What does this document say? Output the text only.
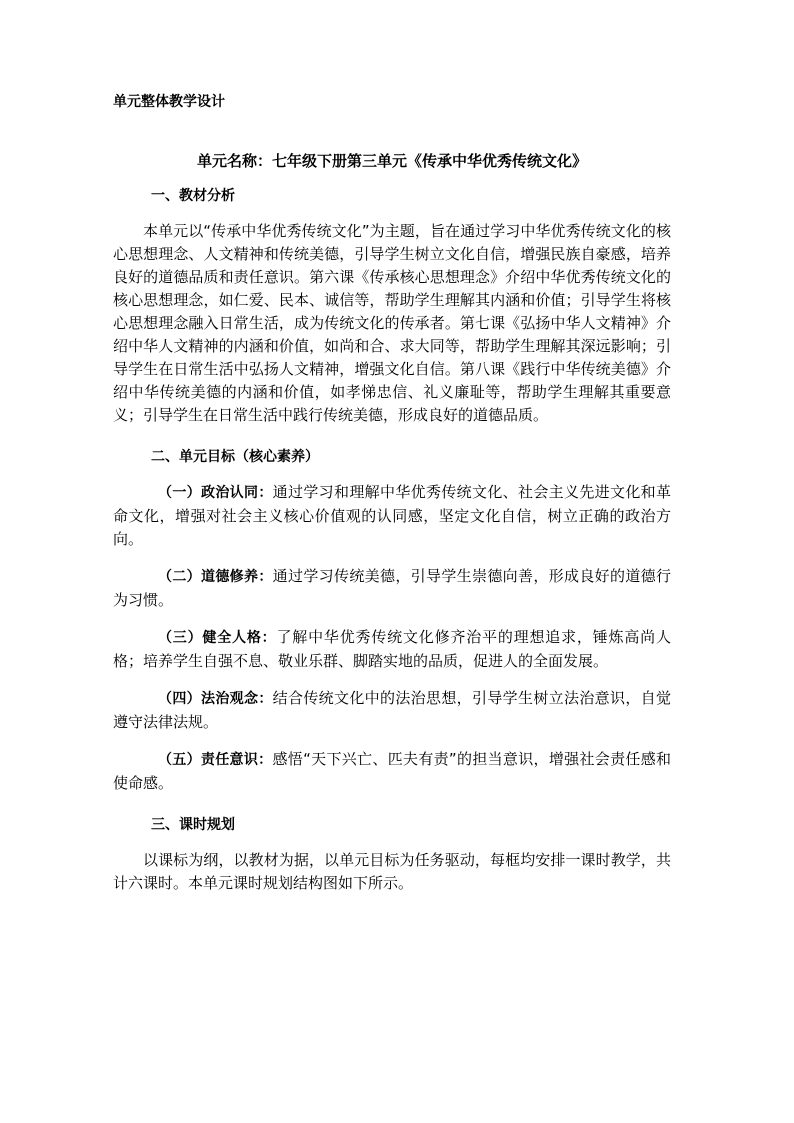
单元整体教学设计
单元名称：七年级下册第三单元《传承中华优秀传统文化》
一、教材分析

本单元以“传承中华优秀传统文化”为主题，旨在通过学习中华优秀传统文化的核心思想理念、人文精神和传统美德，引导学生树立文化自信，增强民族自豪感，培养良好的道德品质和责任意识。第六课《传承核心思想理念》介绍中华优秀传统文化的核心思想理念，如仁爱、民本、诚信等，帮助学生理解其内涵和价值；引导学生将核心思想理念融入日常生活，成为传统文化的传承者。第七课《弘扬中华人文精神》介绍中华人文精神的内涵和价值，如尚和合、求大同等，帮助学生理解其深远影响；引导学生在日常生活中弘扬人文精神，增强文化自信。第八课《践行中华传统美德》介绍中华传统美德的内涵和价值，如孝悌忠信、礼义廉耻等，帮助学生理解其重要意义；引导学生在日常生活中践行传统美德，形成良好的道德品质。

二、单元目标（核心素养）

（一）政治认同：通过学习和理解中华优秀传统文化、社会主义先进文化和革命文化，增强对社会主义核心价值观的认同感，坚定文化自信，树立正确的政治方向。

（二）道德修养：通过学习传统美德，引导学生崇德向善，形成良好的道德行为习惯。

（三）健全人格：了解中华优秀传统文化修齐治平的理想追求，锤炼高尚人格；培养学生自强不息、敬业乐群、脚踏实地的品质，促进人的全面发展。

（四）法治观念：结合传统文化中的法治思想，引导学生树立法治意识，自觉遵守法律法规。

（五）责任意识：感悟“天下兴亡、匹夫有责”的担当意识，增强社会责任感和使命感。

三、课时规划

以课标为纲，以教材为据，以单元目标为任务驱动，每框均安排一课时教学，共计六课时。本单元课时规划结构图如下所示。
